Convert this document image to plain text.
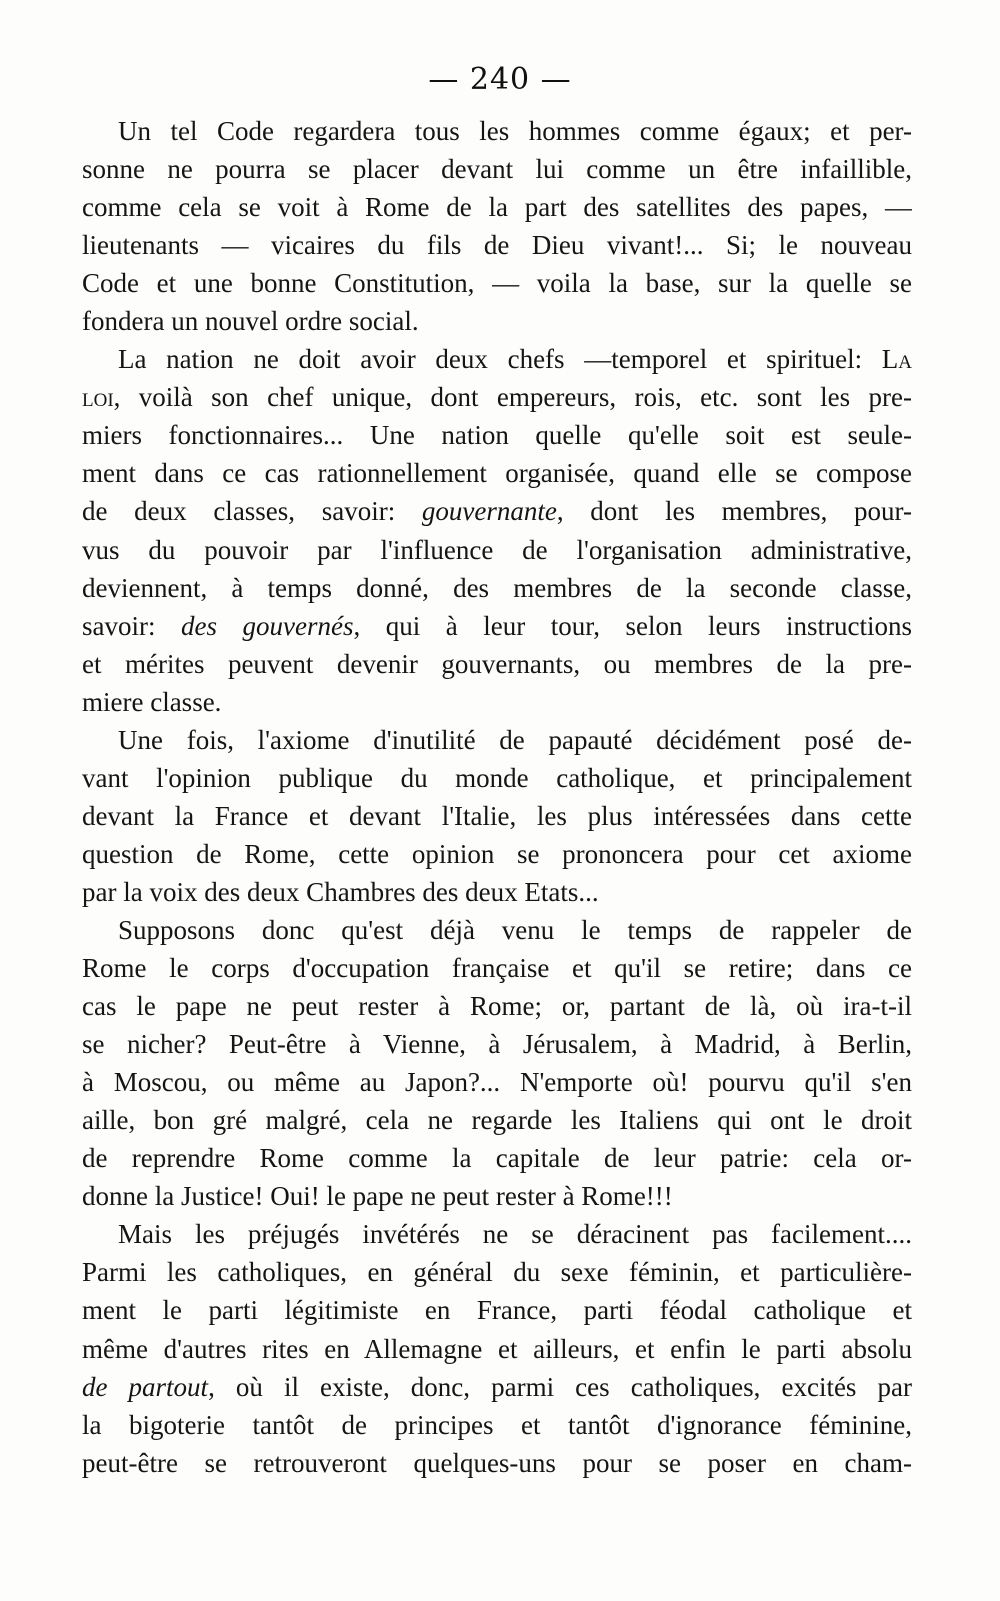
— 240 —
Un tel Code regardera tous les hommes comme égaux; et per-
sonne ne pourra se placer devant lui comme un être infaillible,
comme cela se voit à Rome de la part des satellites des papes, —
lieutenants — vicaires du fils de Dieu vivant!... Si; le nouveau
Code et une bonne Constitution, — voila la base, sur la quelle se
fondera un nouvel ordre social.
La nation ne doit avoir deux chefs —temporel et spirituel: La
loi, voilà son chef unique, dont empereurs, rois, etc. sont les pre-
miers fonctionnaires... Une nation quelle qu'elle soit est seule-
ment dans ce cas rationnellement organisée, quand elle se compose
de deux classes, savoir: gouvernante, dont les membres, pour-
vus du pouvoir par l'influence de l'organisation administrative,
deviennent, à temps donné, des membres de la seconde classe,
savoir: des gouvernés, qui à leur tour, selon leurs instructions
et mérites peuvent devenir gouvernants, ou membres de la pre-
miere classe.
Une fois, l'axiome d'inutilité de papauté décidément posé de-
vant l'opinion publique du monde catholique, et principalement
devant la France et devant l'Italie, les plus intéressées dans cette
question de Rome, cette opinion se prononcera pour cet axiome
par la voix des deux Chambres des deux Etats...
Supposons donc qu'est déjà venu le temps de rappeler de
Rome le corps d'occupation française et qu'il se retire; dans ce
cas le pape ne peut rester à Rome; or, partant de là, où ira-t-il
se nicher? Peut-être à Vienne, à Jérusalem, à Madrid, à Berlin,
à Moscou, ou même au Japon?... N'emporte où! pourvu qu'il s'en
aille, bon gré malgré, cela ne regarde les Italiens qui ont le droit
de reprendre Rome comme la capitale de leur patrie: cela or-
donne la Justice! Oui! le pape ne peut rester à Rome!!!
Mais les préjugés invétérés ne se déracinent pas facilement....
Parmi les catholiques, en général du sexe féminin, et particulière-
ment le parti légitimiste en France, parti féodal catholique et
même d'autres rites en Allemagne et ailleurs, et enfin le parti absolu
de partout, où il existe, donc, parmi ces catholiques, excités par
la bigoterie tantôt de principes et tantôt d'ignorance féminine,
peut-être se retrouveront quelques-uns pour se poser en cham-
